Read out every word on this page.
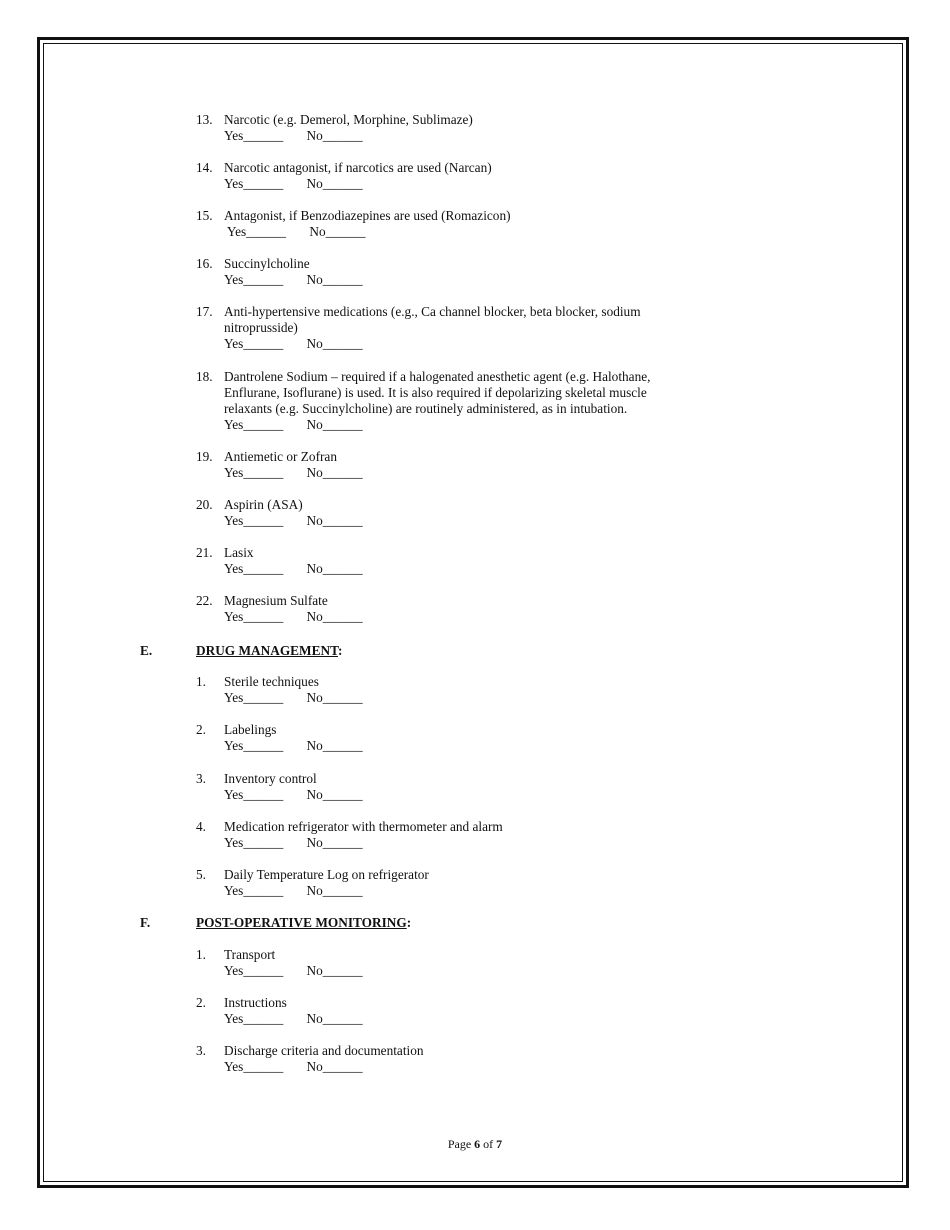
13. Narcotic (e.g. Demerol, Morphine, Sublimaze)
Yes______       No______
14. Narcotic antagonist, if narcotics are used (Narcan)
Yes______       No______
15. Antagonist, if Benzodiazepines are used (Romazicon)
Yes______       No______
16. Succinylcholine
Yes______       No______
17. Anti-hypertensive medications (e.g., Ca channel blocker, beta blocker, sodium nitroprusside)
Yes______       No______
18. Dantrolene Sodium – required if a halogenated anesthetic agent (e.g. Halothane, Enflurane, Isoflurane) is used. It is also required if depolarizing skeletal muscle relaxants (e.g. Succinylcholine) are routinely administered, as in intubation.
Yes______       No______
19. Antiemetic or Zofran
Yes______       No______
20. Aspirin (ASA)
Yes______       No______
21. Lasix
Yes______       No______
22. Magnesium Sulfate
Yes______       No______
E.	DRUG MANAGEMENT:
1. Sterile techniques
Yes______       No______
2. Labelings
Yes______       No______
3. Inventory control
Yes______       No______
4. Medication refrigerator with thermometer and alarm
Yes______       No______
5. Daily Temperature Log on refrigerator
Yes______       No______
F.	POST-OPERATIVE MONITORING:
1. Transport
Yes______       No______
2. Instructions
Yes______       No______
3. Discharge criteria and documentation
Yes______       No______
Page 6 of 7
